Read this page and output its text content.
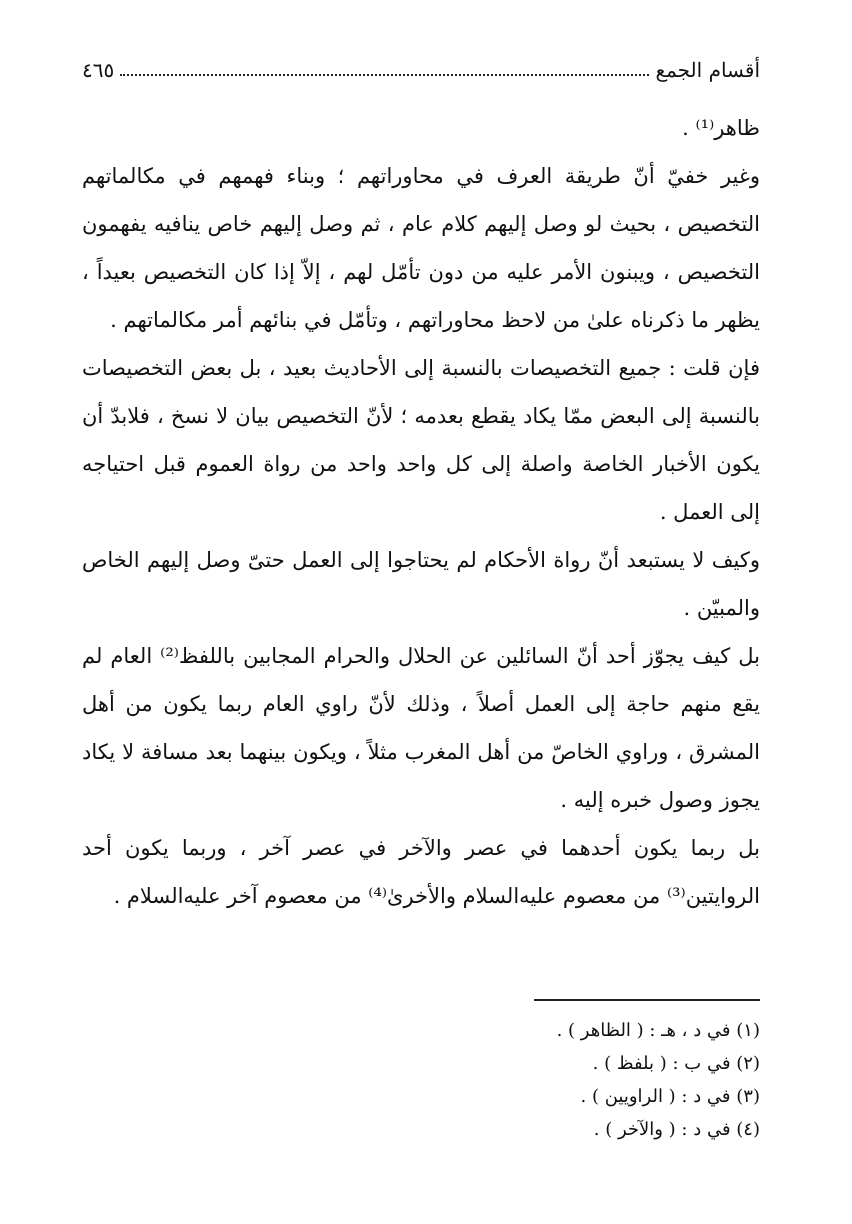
أقسام الجمع
٤٦٥

ظاهر⁽¹⁾ .

وغير خفيّ أنّ طريقة العرف في محاوراتهم ؛ وبناء فهمهم في مكالماتهم التخصيص ، بحيث لو وصل إليهم كلام عام ، ثم وصل إليهم خاص ينافيه يفهمون التخصيص ، ويبنون الأمر عليه من دون تأمّل لهم ، إلاّ إذا كان التخصيص بعيداً ، يظهر ما ذكرناه علىٰ من لاحظ محاوراتهم ، وتأمّل في بنائهم أمر مكالماتهم .

فإن قلت : جميع التخصيصات بالنسبة إلى الأحاديث بعيد ، بل بعض التخصيصات بالنسبة إلى البعض ممّا يكاد يقطع بعدمه ؛ لأنّ التخصيص بيان لا نسخ ، فلابدّ أن يكون الأخبار الخاصة واصلة إلى كل واحد واحد من رواة العموم قبل احتياجه إلى العمل .

وكيف لا يستبعد أنّ رواة الأحكام لم يحتاجوا إلى العمل حتىّ وصل إليهم الخاص والمبيّن .

بل كيف يجوّز أحد أنّ السائلين عن الحلال والحرام المجابين باللفظ⁽²⁾ العام لم يقع منهم حاجة إلى العمل أصلاً ، وذلك لأنّ راوي العام ربما يكون من أهل المشرق ، وراوي الخاصّ من أهل المغرب مثلاً ، ويكون بينهما بعد مسافة لا يكاد يجوز وصول خبره إليه .

بل ربما يكون أحدهما في عصر والآخر في عصر آخر ، وربما يكون أحد الروايتين⁽³⁾ من معصوم عليه‌السلام والأخرىٰ⁽⁴⁾ من معصوم آخر عليه‌السلام .

(١) في د ، هـ : ( الظاهر ) .
(٢) في ب : ( بلفظ ) .
(٣) في د : ( الراويين ) .
(٤) في د : ( والآخر ) .
